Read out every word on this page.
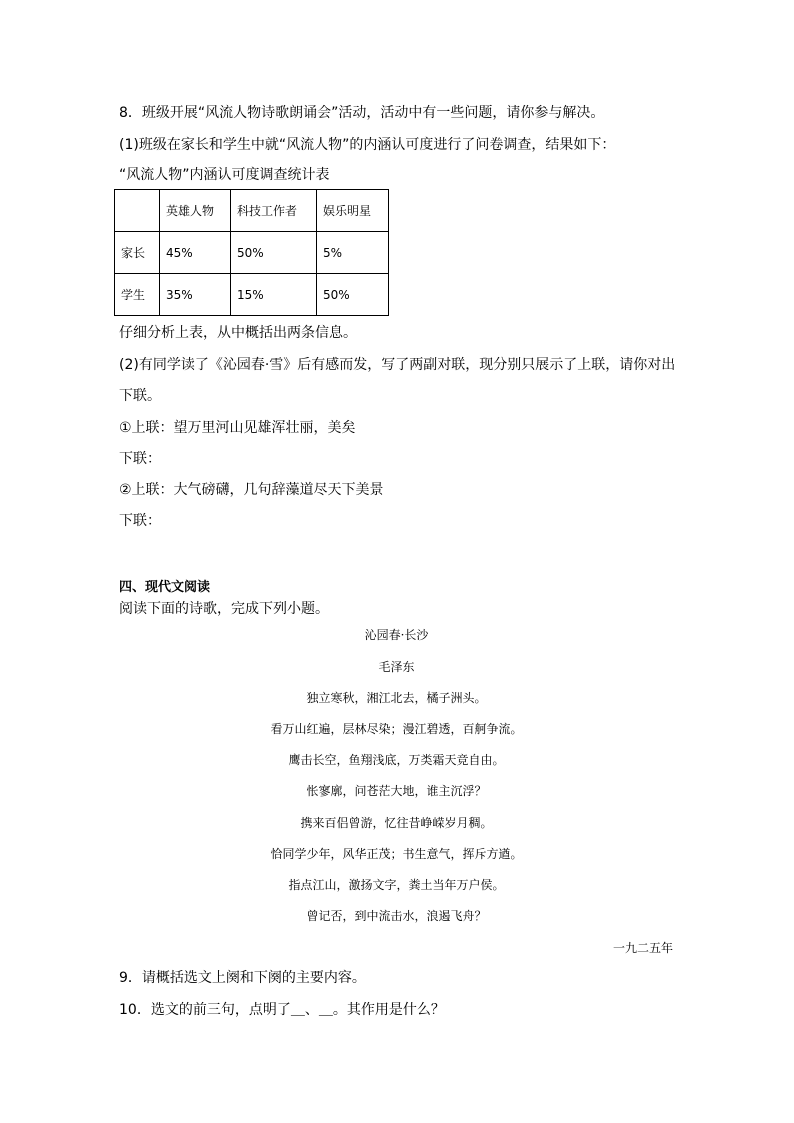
8．班级开展“风流人物诗歌朗诵会”活动，活动中有一些问题，请你参与解决。
(1)班级在家长和学生中就“风流人物”的内涵认可度进行了问卷调查，结果如下：
“风流人物”内涵认可度调查统计表
	英雄人物	科技工作者	娱乐明星
家长	45%	50%	5%
学生	35%	15%	50%
仔细分析上表，从中概括出两条信息。
(2)有同学读了《沁园春·雪》后有感而发，写了两副对联，现分别只展示了上联，请你对出
下联。
①上联：望万里河山见雄浑壮丽，美矣
下联：
②上联：大气磅礴，几句辞藻道尽天下美景
下联：
四、现代文阅读
阅读下面的诗歌，完成下列小题。
沁园春·长沙
毛泽东
独立寒秋，湘江北去，橘子洲头。
看万山红遍，层林尽染；漫江碧透，百舸争流。
鹰击长空，鱼翔浅底，万类霜天竞自由。
怅寥廓，问苍茫大地，谁主沉浮？
携来百侣曾游，忆往昔峥嵘岁月稠。
恰同学少年，风华正茂；书生意气，挥斥方遒。
指点江山，激扬文字，粪土当年万户侯。
曾记否，到中流击水，浪遏飞舟？
一九二五年
9．请概括选文上阕和下阕的主要内容。
10．选文的前三句，点明了＿、＿。其作用是什么？
